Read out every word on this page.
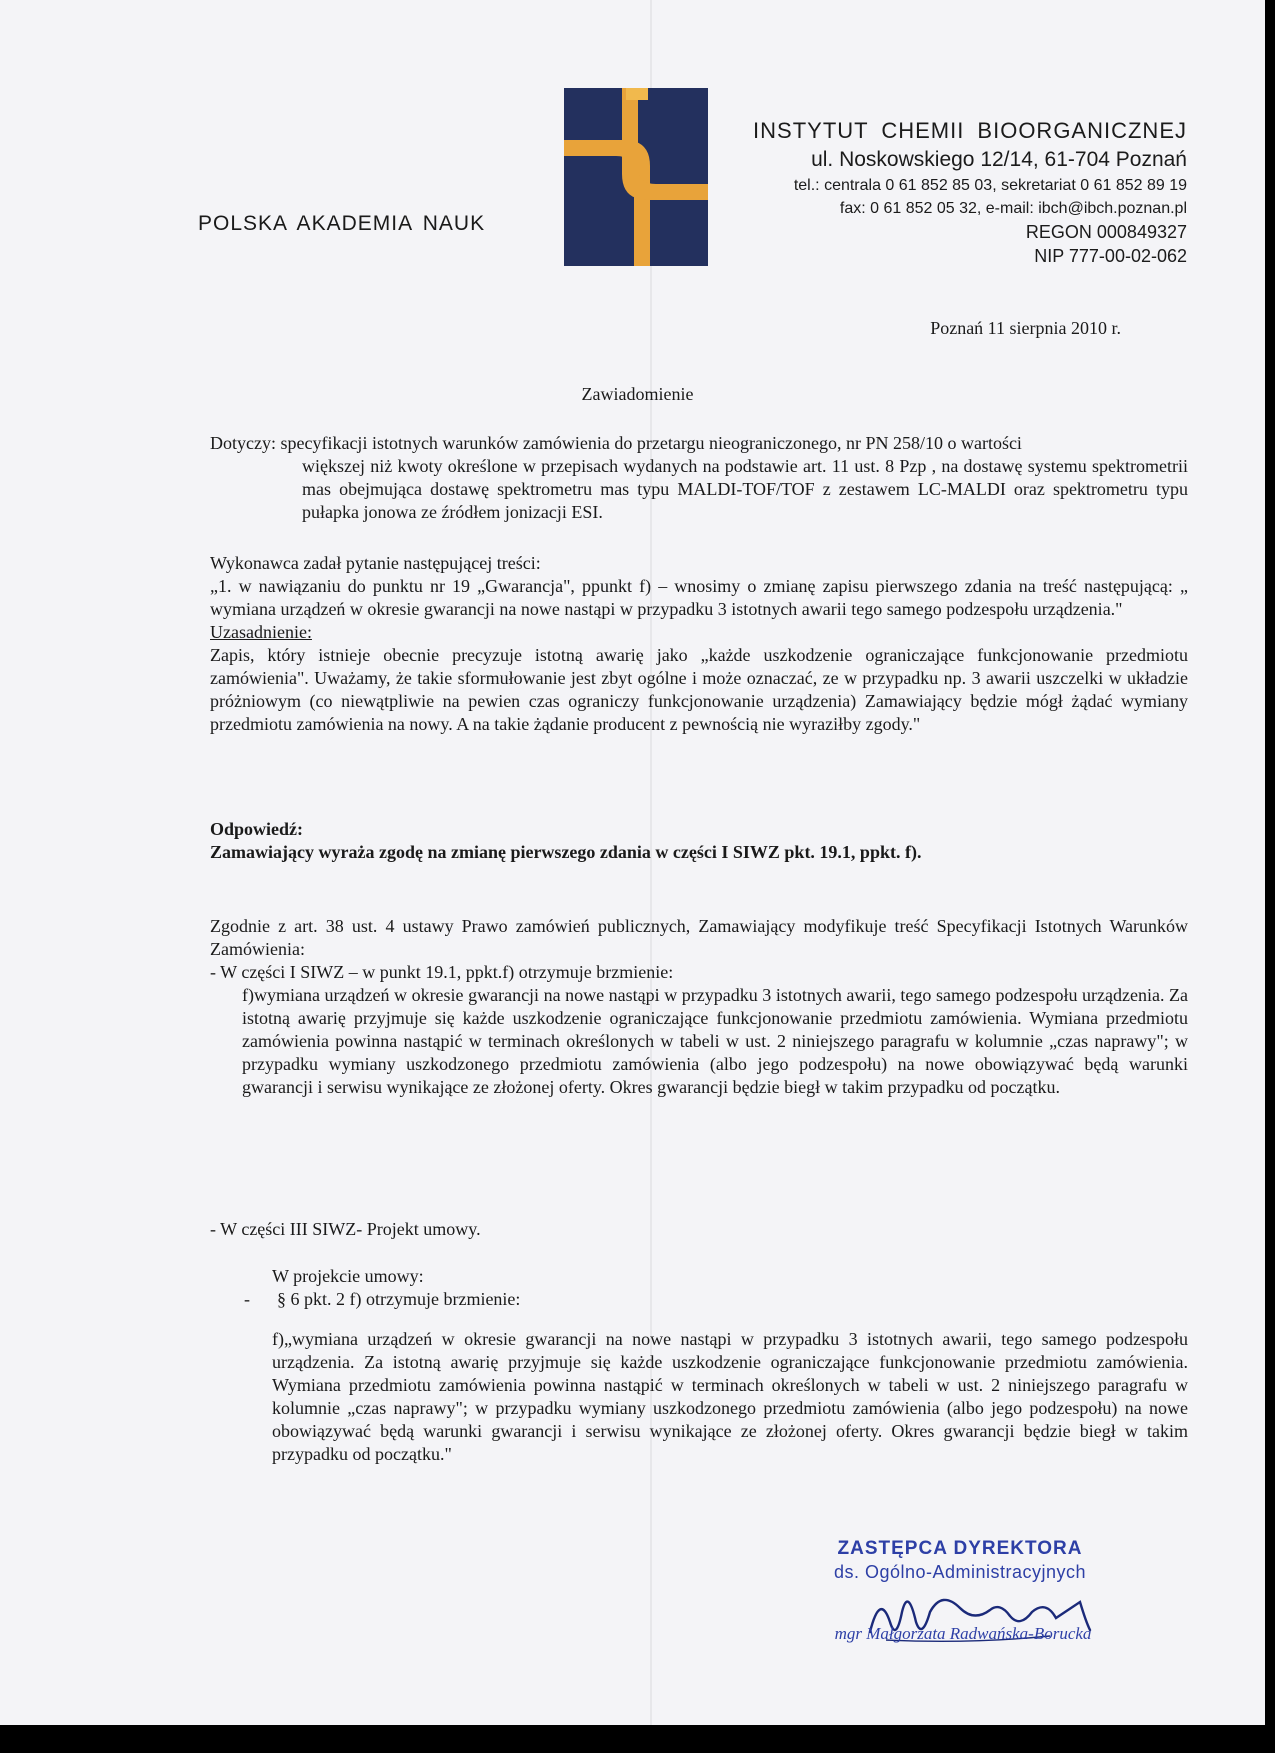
POLSKA AKADEMIA NAUK
INSTYTUT CHEMII BIOORGANICZNEJ
ul. Noskowskiego 12/14, 61-704 Poznań
tel.: centrala 0 61 852 85 03, sekretariat 0 61 852 89 19
fax: 0 61 852 05 32, e-mail: ibch@ibch.poznan.pl
REGON 000849327
NIP 777-00-02-062
Poznań 11 sierpnia 2010 r.
Zawiadomienie
Dotyczy: specyfikacji istotnych warunków zamówienia do przetargu nieograniczonego, nr PN 258/10 o wartości
większej niż kwoty określone w przepisach wydanych na podstawie art. 11 ust. 8 Pzp , na dostawę systemu spektrometrii mas obejmująca dostawę spektrometru mas typu MALDI-TOF/TOF z zestawem LC-MALDI oraz spektrometru typu pułapka jonowa ze źródłem jonizacji ESI.
Wykonawca zadał pytanie następującej treści:
„1. w nawiązaniu do punktu nr 19 „Gwarancja", ppunkt f) – wnosimy o zmianę zapisu pierwszego zdania na treść następującą: „ wymiana urządzeń w okresie gwarancji na nowe nastąpi w przypadku 3 istotnych awarii tego samego podzespołu urządzenia."
Uzasadnienie:
Zapis, który istnieje obecnie precyzuje istotną awarię jako „każde uszkodzenie ograniczające funkcjonowanie przedmiotu zamówienia". Uważamy, że takie sformułowanie jest zbyt ogólne i może oznaczać, ze w przypadku np. 3 awarii uszczelki w układzie próżniowym (co niewątpliwie na pewien czas ograniczy funkcjonowanie urządzenia) Zamawiający będzie mógł żądać wymiany przedmiotu zamówienia na nowy. A na takie żądanie producent z pewnością nie wyraziłby zgody."
Odpowiedź:
Zamawiający wyraża zgodę na zmianę pierwszego zdania w części I SIWZ pkt. 19.1, ppkt. f).
Zgodnie z art. 38 ust. 4 ustawy Prawo zamówień publicznych, Zamawiający modyfikuje treść Specyfikacji Istotnych Warunków Zamówienia:
- W części I SIWZ – w punkt 19.1, ppkt.f) otrzymuje brzmienie:
f)wymiana urządzeń w okresie gwarancji na nowe nastąpi w przypadku 3 istotnych awarii, tego samego podzespołu urządzenia. Za istotną awarię przyjmuje się każde uszkodzenie ograniczające funkcjonowanie przedmiotu zamówienia. Wymiana przedmiotu zamówienia powinna nastąpić w terminach określonych w tabeli w ust. 2 niniejszego paragrafu w kolumnie „czas naprawy"; w przypadku wymiany uszkodzonego przedmiotu zamówienia (albo jego podzespołu) na nowe obowiązywać będą warunki gwarancji i serwisu wynikające ze złożonej oferty. Okres gwarancji będzie biegł w takim przypadku od początku.
- W części III SIWZ- Projekt umowy.
W projekcie umowy:
-      § 6 pkt. 2 f) otrzymuje brzmienie:
f)„wymiana urządzeń w okresie gwarancji na nowe nastąpi w przypadku 3 istotnych awarii, tego samego podzespołu urządzenia. Za istotną awarię przyjmuje się każde uszkodzenie ograniczające funkcjonowanie przedmiotu zamówienia. Wymiana przedmiotu zamówienia powinna nastąpić w terminach określonych w tabeli w ust. 2 niniejszego paragrafu w kolumnie „czas naprawy"; w przypadku wymiany uszkodzonego przedmiotu zamówienia (albo jego podzespołu) na nowe obowiązywać będą warunki gwarancji i serwisu wynikające ze złożonej oferty. Okres gwarancji będzie biegł w takim przypadku od początku."
ZASTĘPCA DYREKTORA
ds. Ogólno-Administracyjnych
mgr Małgorzata Radwańska-Borucka
